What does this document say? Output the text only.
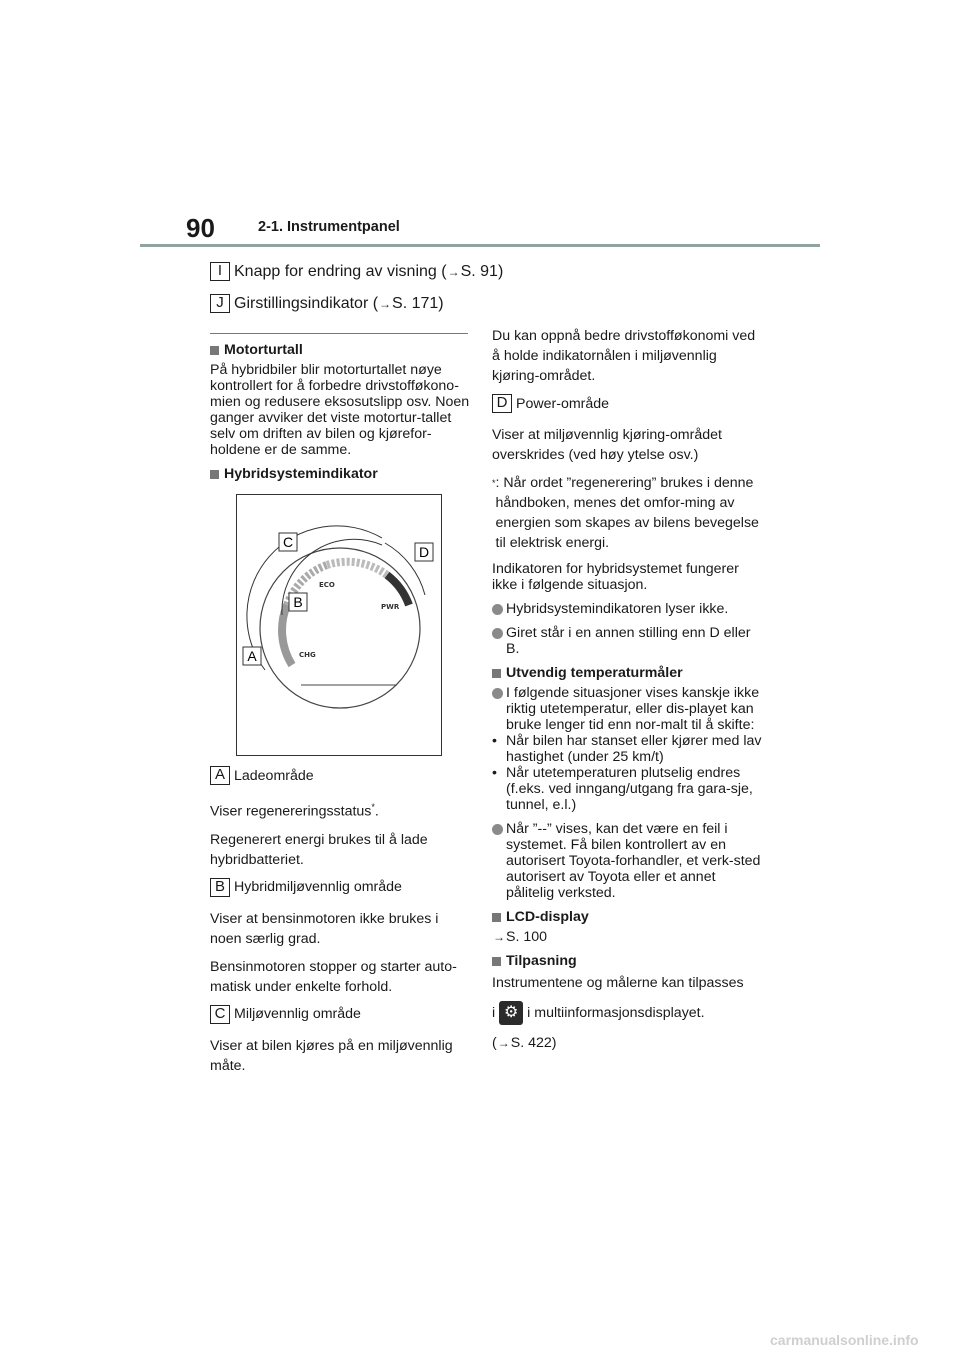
90	2-1. Instrumentpanel
I Knapp for endring av visning ( → S. 91)
J Girstillingsindikator ( → S. 171)
Motorturtall
På hybridbiler blir motorturtallet nøye kontrollert for å forbedre drivstofføkono-mien og redusere eksosutslipp osv. Noen ganger avviker det viste motortur-tallet selv om driften av bilen og kjørefor-holdene er de samme.
Hybridsystemindikator
ECO
PWR
CHG
A
B
C
D
A Ladeområde
Viser regenereringsstatus*.
Regenerert energi brukes til å lade hybridbatteriet.
B Hybridmiljøvennlig område
Viser at bensinmotoren ikke brukes i noen særlig grad.
Bensinmotoren stopper og starter auto-matisk under enkelte forhold.
C Miljøvennlig område
Viser at bilen kjøres på en miljøvennlig måte.
Du kan oppnå bedre drivstofføkonomi ved å holde indikatornålen i miljøvennlig kjøring-området.
D Power-område
Viser at miljøvennlig kjøring-området overskrides (ved høy ytelse osv.)
* : Når ordet ”regenerering” brukes i denne håndboken, menes det omfor-ming av energien som skapes av bilens bevegelse til elektrisk energi.
Indikatoren for hybridsystemet fungerer ikke i følgende situasjon.
Hybridsystemindikatoren lyser ikke.
Giret står i en annen stilling enn D eller B.
Utvendig temperaturmåler
I følgende situasjoner vises kanskje ikke riktig utetemperatur, eller dis-playet kan bruke lenger tid enn nor-malt til å skifte:
• Når bilen har stanset eller kjører med lav hastighet (under 25 km/t)
• Når utetemperaturen plutselig endres (f.eks. ved inngang/utgang fra gara-sje, tunnel, e.l.)
Når ”--” vises, kan det være en feil i systemet. Få bilen kontrollert av en autorisert Toyota-forhandler, et verk-sted autorisert av Toyota eller et annet pålitelig verksted.
LCD-display
→S. 100
Tilpasning
Instrumentene og målerne kan tilpasses
i ⚙ i multiinformasjonsdisplayet.
(→S. 422)
carmanualsonline.info
